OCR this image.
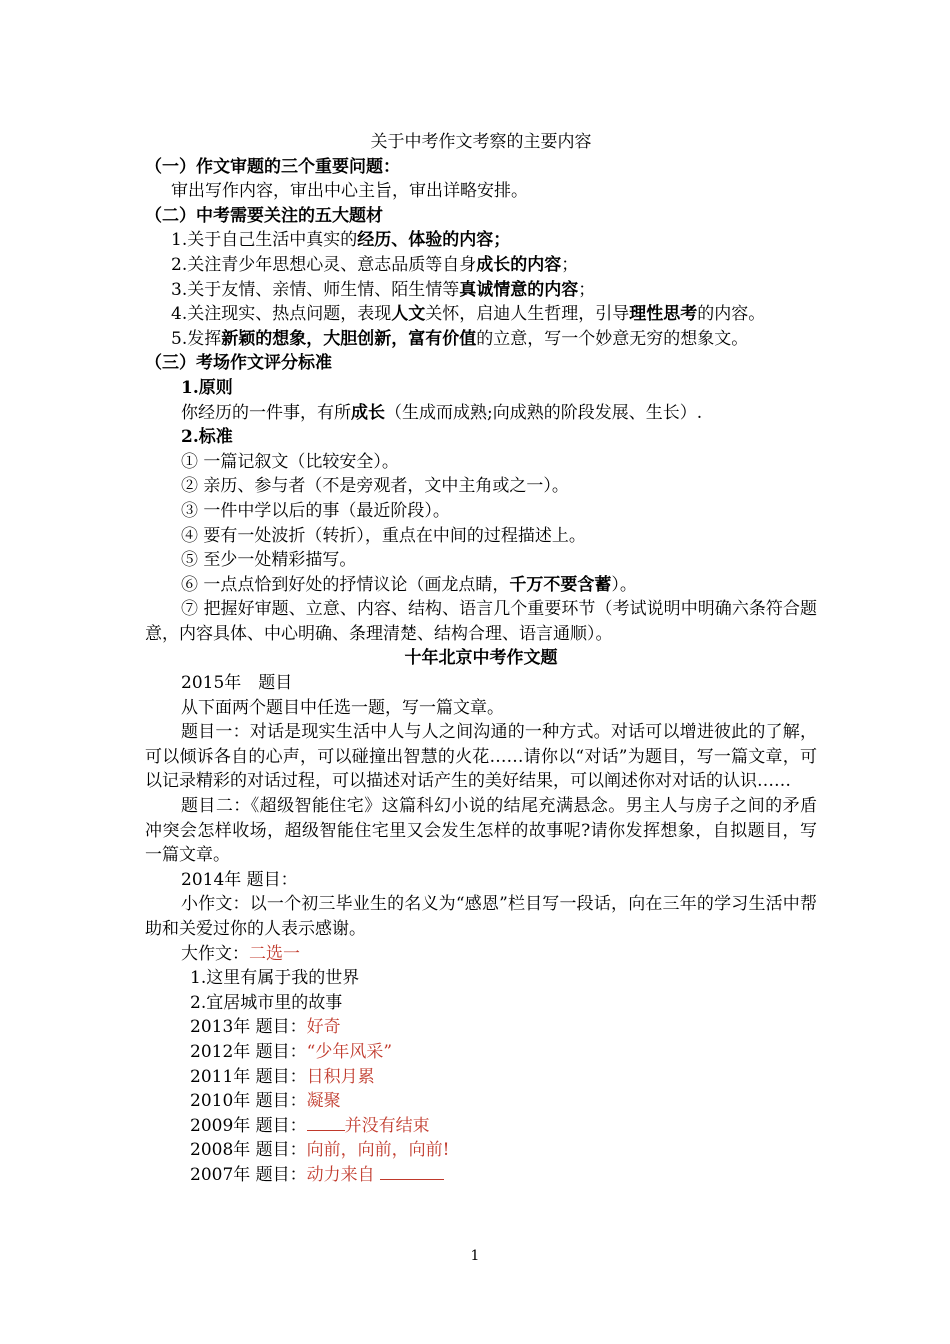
关于中考作文考察的主要内容
（一）作文审题的三个重要问题：
审出写作内容，审出中心主旨，审出详略安排。
（二）中考需要关注的五大题材
1.关于自己生活中真实的经历、体验的内容；
2.关注青少年思想心灵、意志品质等自身成长的内容；
3.关于友情、亲情、师生情、陌生情等真诚情意的内容；
4.关注现实、热点问题，表现人文关怀，启迪人生哲理，引导理性思考的内容。
5.发挥新颖的想象，大胆创新，富有价值的立意，写一个妙意无穷的想象文。
（三）考场作文评分标准
1.原则
你经历的一件事，有所成长（生成而成熟;向成熟的阶段发展、生长）.
2.标准
① 一篇记叙文（比较安全）。
② 亲历、参与者（不是旁观者，文中主角或之一）。
③ 一件中学以后的事（最近阶段）。
④ 要有一处波折（转折），重点在中间的过程描述上。
⑤ 至少一处精彩描写。
⑥ 一点点恰到好处的抒情议论（画龙点睛，千万不要含蓄）。
⑦ 把握好审题、立意、内容、结构、语言几个重要环节（考试说明中明确六条符合题意，内容具体、中心明确、条理清楚、结构合理、语言通顺）。
十年北京中考作文题
2015年　题目
从下面两个题目中任选一题，写一篇文章。
题目一：对话是现实生活中人与人之间沟通的一种方式。对话可以增进彼此的了解，可以倾诉各自的心声，可以碰撞出智慧的火花……请你以“对话”为题目，写一篇文章，可以记录精彩的对话过程，可以描述对话产生的美好结果，可以阐述你对对话的认识……
题目二：《超级智能住宅》这篇科幻小说的结尾充满悬念。男主人与房子之间的矛盾冲突会怎样收场，超级智能住宅里又会发生怎样的故事呢?请你发挥想象，自拟题目，写一篇文章。
2014年 题目：
小作文：以一个初三毕业生的名义为“感恩”栏目写一段话，向在三年的学习生活中帮助和关爱过你的人表示感谢。
大作文：二选一
1.这里有属于我的世界
2.宜居城市里的故事
2013年 题目：好奇
2012年 题目：“少年风采”
2011年 题目：日积月累
2010年 题目：凝聚
2009年 题目： 并没有结束
2008年 题目：向前，向前，向前!
2007年 题目：动力来自
1
